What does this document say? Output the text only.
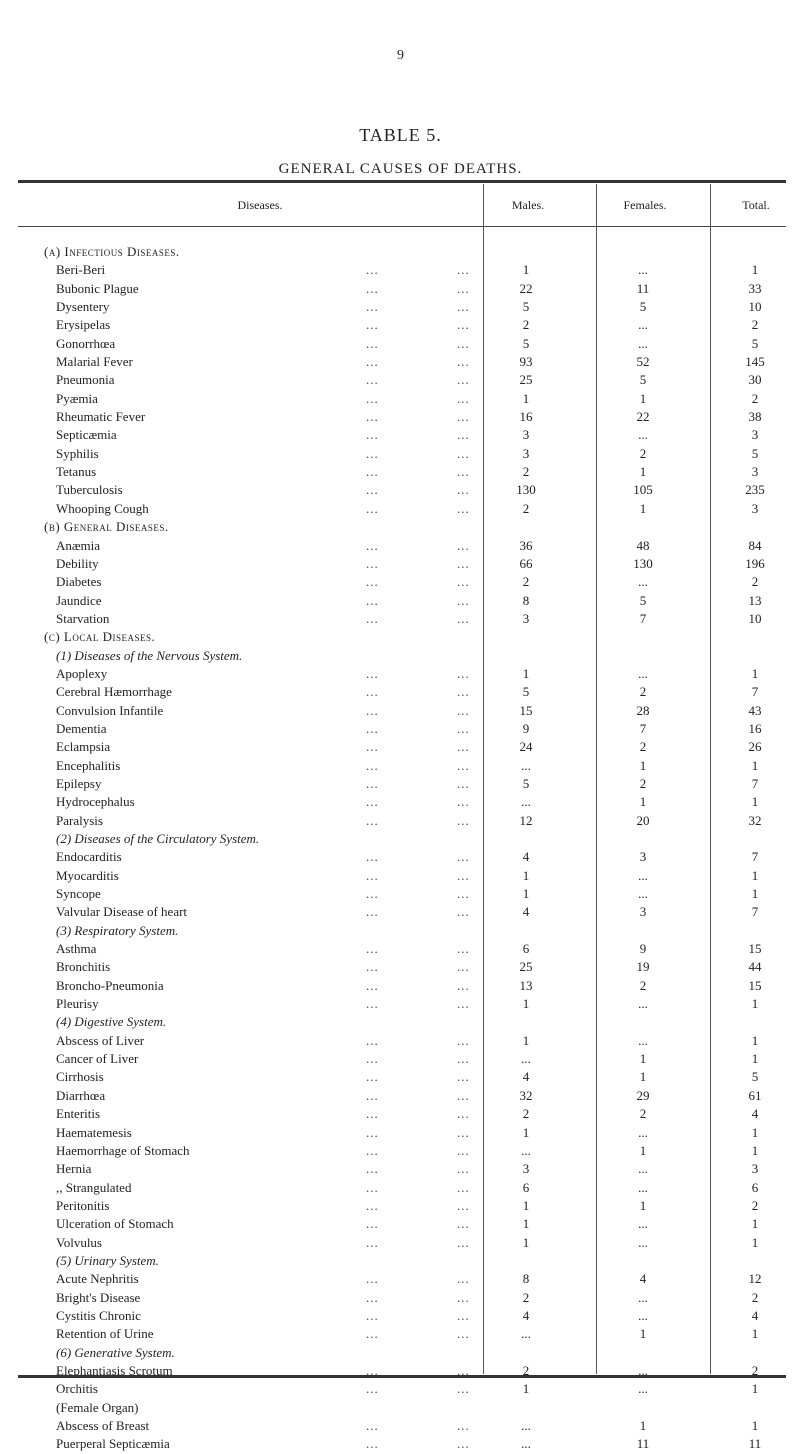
9
TABLE 5.
GENERAL CAUSES OF DEATHS.
Diseases.	Males.	Females.	Total.
(a) Infectious Diseases.
Beri-Beri	...	...	1	...	1
Bubonic Plague	...	...	22	11	33
Dysentery	...	...	5	5	10
Erysipelas	...	...	2	...	2
Gonorrhœa	...	...	5	...	5
Malarial Fever	...	...	93	52	145
Pneumonia	...	...	25	5	30
Pyæmia	...	...	1	1	2
Rheumatic Fever	...	...	16	22	38
Septicæmia	...	...	3	...	3
Syphilis	...	...	3	2	5
Tetanus	...	...	2	1	3
Tuberculosis	...	...	130	105	235
Whooping Cough	...	...	2	1	3
(b) General Diseases.
Anæmia	...	...	36	48	84
Debility	...	...	66	130	196
Diabetes	...	...	2	...	2
Jaundice	...	...	8	5	13
Starvation	...	...	3	7	10
(c) Local Diseases.
(1) Diseases of the Nervous System.
Apoplexy	...	...	1	...	1
Cerebral Hæmorrhage	...	...	5	2	7
Convulsion Infantile	...	...	15	28	43
Dementia	...	...	9	7	16
Eclampsia	...	...	24	2	26
Encephalitis	...	...	...	1	1
Epilepsy	...	...	5	2	7
Hydrocephalus	...	...	...	1	1
Paralysis	...	...	12	20	32
(2) Diseases of the Circulatory System.
Endocarditis	...	...	4	3	7
Myocarditis	...	...	1	...	1
Syncope	...	...	1	...	1
Valvular Disease of heart	...	...	4	3	7
(3) Respiratory System.
Asthma	...	...	6	9	15
Bronchitis	...	...	25	19	44
Broncho-Pneumonia	...	...	13	2	15
Pleurisy	...	...	1	...	1
(4) Digestive System.
Abscess of Liver	...	...	1	...	1
Cancer of Liver	...	...	...	1	1
Cirrhosis	...	...	4	1	5
Diarrhœa	...	...	32	29	61
Enteritis	...	...	2	2	4
Haematemesis	...	...	1	...	1
Haemorrhage of Stomach	...	...	...	1	1
Hernia	...	...	3	...	3
,, Strangulated	...	...	6	...	6
Peritonitis	...	...	1	1	2
Ulceration of Stomach	...	...	1	...	1
Volvulus	...	...	1	...	1
(5) Urinary System.
Acute Nephritis	...	...	8	4	12
Bright's Disease	...	...	2	...	2
Cystitis Chronic	...	...	4	...	4
Retention of Urine	...	...	...	1	1
(6) Generative System.
Elephantiasis Scrotum	...	...	2	...	2
Orchitis	...	...	1	...	1
(Female Organ)
Abscess of Breast	...	...	...	1	1
Puerperal Septicæmia	...	...	...	11	11
